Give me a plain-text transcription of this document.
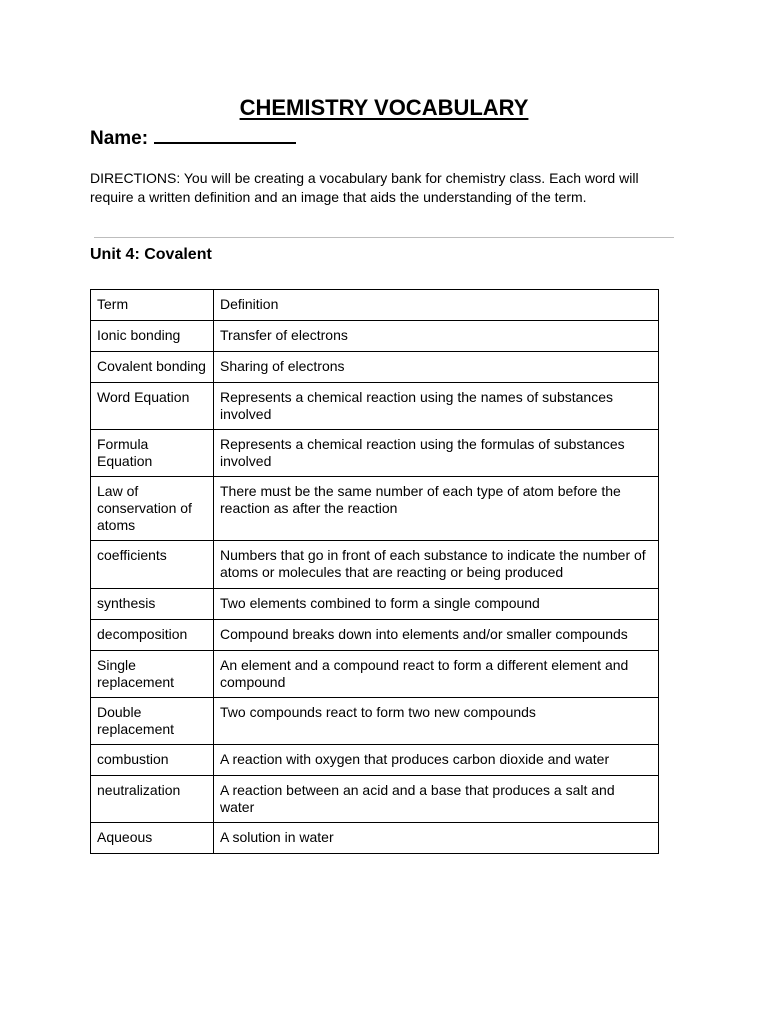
CHEMISTRY VOCABULARY
Name:
DIRECTIONS: You will be creating a vocabulary bank for chemistry class. Each word will require a written definition and an image that aids the understanding of the term.
Unit 4: Covalent
Term	Definition
Ionic bonding	Transfer of electrons
Covalent bonding	Sharing of electrons
Word Equation	Represents a chemical reaction using the names of substances involved
Formula Equation	Represents a chemical reaction using the formulas of substances involved
Law of conservation of atoms	There must be the same number of each type of atom before the reaction as after the reaction
coefficients	Numbers that go in front of each substance to indicate the number of atoms or molecules that are reacting or being produced
synthesis	Two elements combined to form a single compound
decomposition	Compound breaks down into elements and/or smaller compounds
Single replacement	An element and a compound react to form a different element and compound
Double replacement	Two compounds react to form two new compounds
combustion	A reaction with oxygen that produces carbon dioxide and water
neutralization	A reaction between an acid and a base that produces a salt and water
Aqueous	A solution in water
